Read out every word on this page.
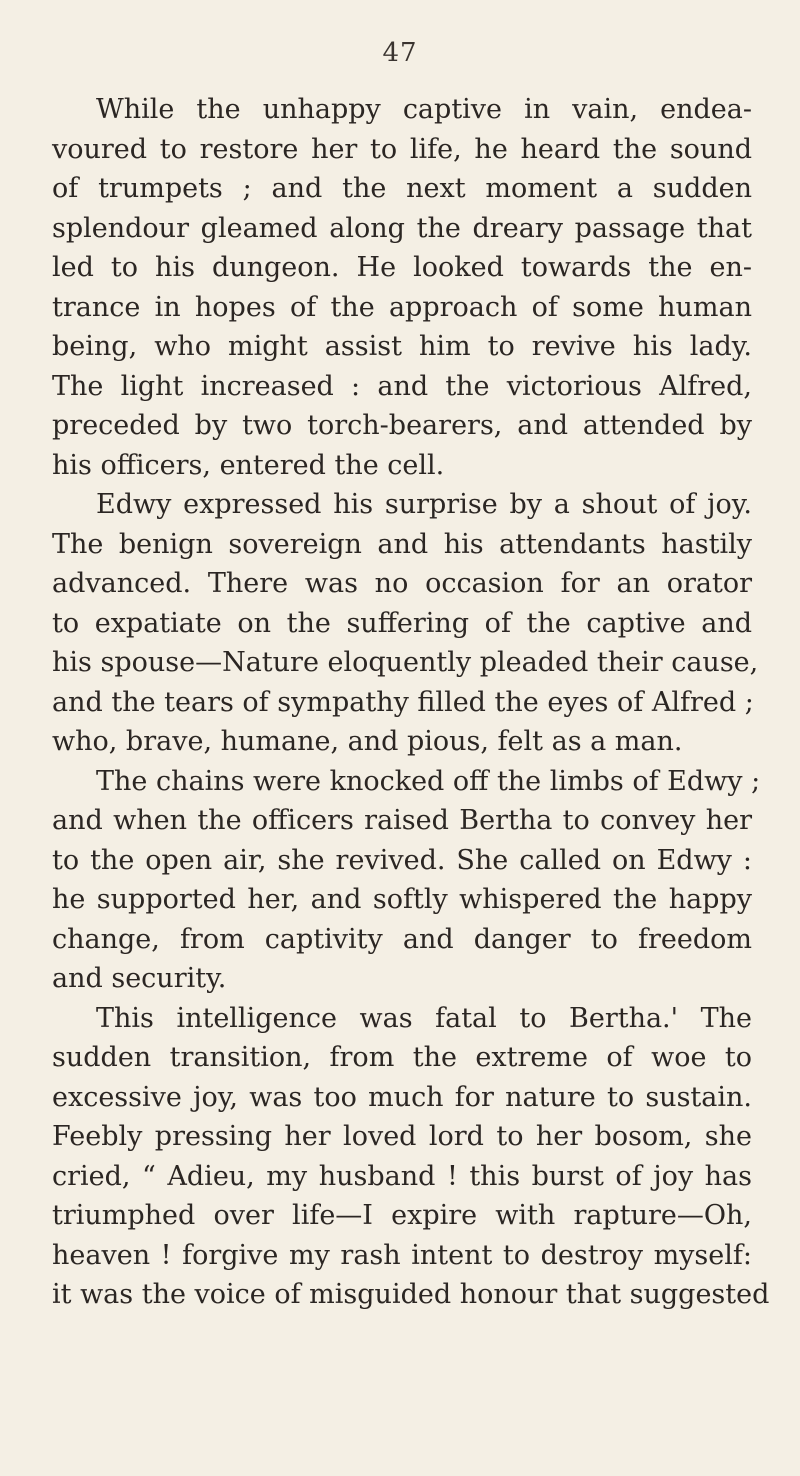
47
While the unhappy captive in vain, endea-
voured to restore her to life, he heard the sound
of trumpets ; and the next moment a sudden
splendour gleamed along the dreary passage that
led to his dungeon. He looked towards the en-
trance in hopes of the approach of some human
being, who might assist him to revive his lady.
The light increased : and the victorious Alfred,
preceded by two torch-bearers, and attended by
his officers, entered the cell.
Edwy expressed his surprise by a shout of joy.
The benign sovereign and his attendants hastily
advanced. There was no occasion for an orator
to expatiate on the suffering of the captive and
his spouse—Nature eloquently pleaded their cause,
and the tears of sympathy filled the eyes of Alfred ;
who, brave, humane, and pious, felt as a man.
The chains were knocked off the limbs of Edwy ;
and when the officers raised Bertha to convey her
to the open air, she revived. She called on Edwy :
he supported her, and softly whispered the happy
change, from captivity and danger to freedom
and security.
This intelligence was fatal to Bertha.' The
sudden transition, from the extreme of woe to
excessive joy, was too much for nature to sustain.
Feebly pressing her loved lord to her bosom, she
cried, “ Adieu, my husband ! this burst of joy has
triumphed over life—I expire with rapture—Oh,
heaven ! forgive my rash intent to destroy myself:
it was the voice of misguided honour that suggested
